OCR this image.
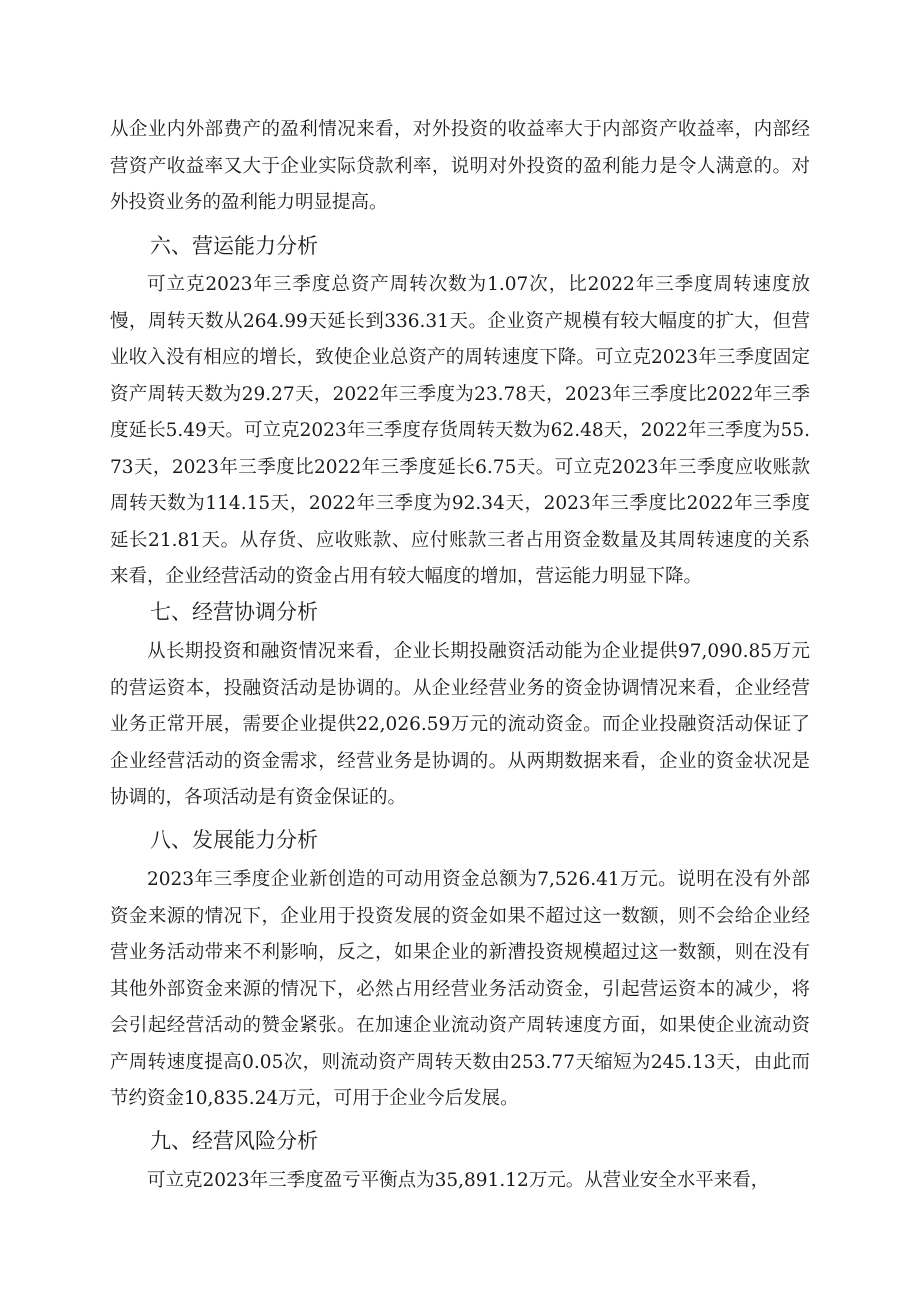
从企业内外部费产的盈利情况来看，对外投资的收益率大于内部资产收益率，内部经营资产收益率又大于企业实际贷款利率，说明对外投资的盈利能力是令人满意的。对外投资业务的盈利能力明显提高。

六、营运能力分析

可立克2023年三季度总资产周转次数为1.07次，比2022年三季度周转速度放慢，周转天数从264.99天延长到336.31天。企业资产规模有较大幅度的扩大，但营业收入没有相应的增长，致使企业总资产的周转速度下降。可立克2023年三季度固定资产周转天数为29.27天，2022年三季度为23.78天，2023年三季度比2022年三季度延长5.49天。可立克2023年三季度存货周转天数为62.48天，2022年三季度为55.73天，2023年三季度比2022年三季度延长6.75天。可立克2023年三季度应收账款周转天数为114.15天，2022年三季度为92.34天，2023年三季度比2022年三季度延长21.81天。从存货、应收账款、应付账款三者占用资金数量及其周转速度的关系来看，企业经营活动的资金占用有较大幅度的增加，营运能力明显下降。

七、经营协调分析

从长期投资和融资情况来看，企业长期投融资活动能为企业提供97,090.85万元的营运资本，投融资活动是协调的。从企业经营业务的资金协调情况来看，企业经营业务正常开展，需要企业提供22,026.59万元的流动资金。而企业投融资活动保证了企业经营活动的资金需求，经营业务是协调的。从两期数据来看，企业的资金状况是协调的，各项活动是有资金保证的。

八、发展能力分析

2023年三季度企业新创造的可动用资金总额为7,526.41万元。说明在没有外部资金来源的情况下，企业用于投资发展的资金如果不超过这一数额，则不会给企业经营业务活动带来不利影响，反之，如果企业的新漕投资规模超过这一数额，则在没有其他外部资金来源的情况下，必然占用经营业务活动资金，引起营运资本的减少，将会引起经营活动的赞金紧张。在加速企业流动资产周转速度方面，如果使企业流动资产周转速度提高0.05次，则流动资产周转天数由253.77天缩短为245.13天，由此而节约资金10,835.24万元，可用于企业今后发展。

九、经营风险分析

可立克2023年三季度盈亏平衡点为35,891.12万元。从营业安全水平来看，
